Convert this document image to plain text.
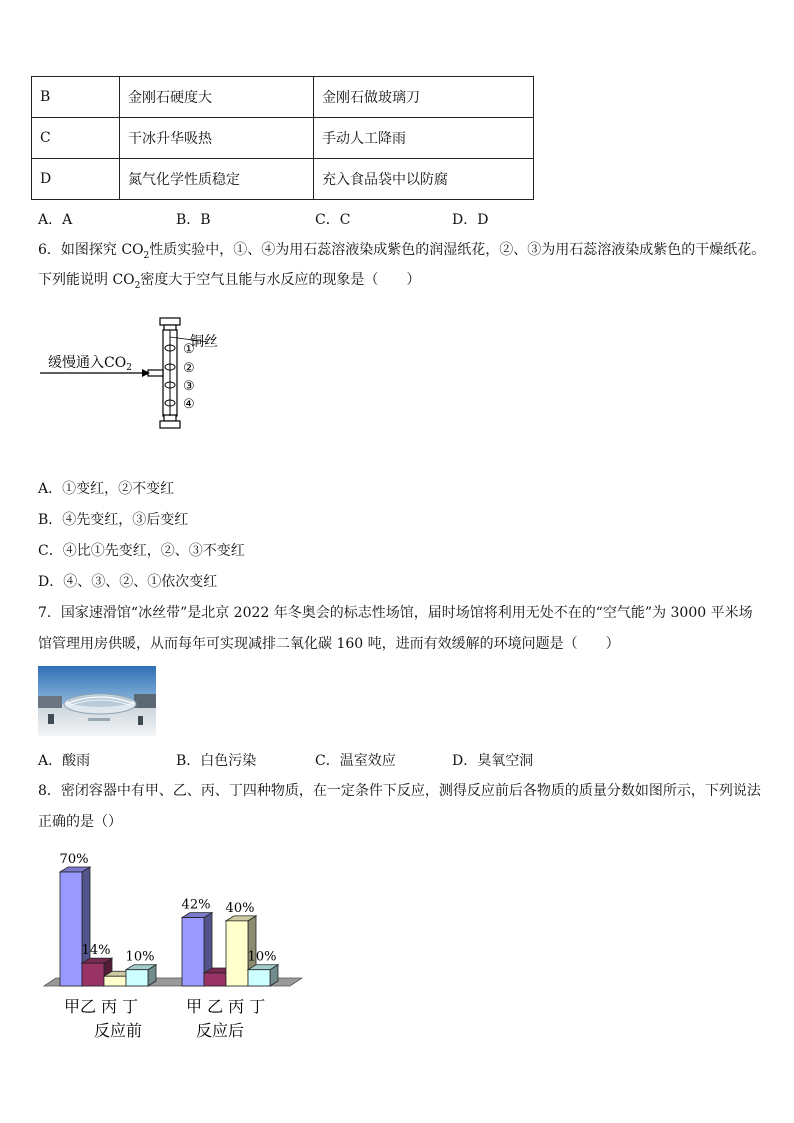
B	金刚石硬度大	金刚石做玻璃刀
C	干冰升华吸热	手动人工降雨
D	氮气化学性质稳定	充入食品袋中以防腐
A．A	B．B	C．C	D．D
6．如图探究 $CO_2$性质实验中，①、④为用石蕊溶液染成紫色的润湿纸花，②、③为用石蕊溶液染成紫色的干燥纸花。
下列能说明 $CO_2$密度大于空气且能与水反应的现象是（　　）
缓慢通入$CO_2$
铜丝
①
②
③
④
A．①变红，②不变红
B．④先变红，③后变红
C．④比①先变红，②、③不变红
D．④、③、②、①依次变红
7．国家速滑馆“冰丝带”是北京 2022 年冬奥会的标志性场馆，届时场馆将利用无处不在的“空气能”为 3000 平米场
馆管理用房供暖，从而每年可实现减排二氧化碳 160 吨，进而有效缓解的环境问题是（　　）
A．酸雨	B．白色污染	C．温室效应	D．臭氧空洞
8．密闭容器中有甲、乙、丙、丁四种物质，在一定条件下反应，测得反应前后各物质的质量分数如图所示，下列说法
正确的是（）
70%
14% 10%
42% 40%
10%
甲乙 丙 丁	甲 乙 丙 丁
反应前	反应后
